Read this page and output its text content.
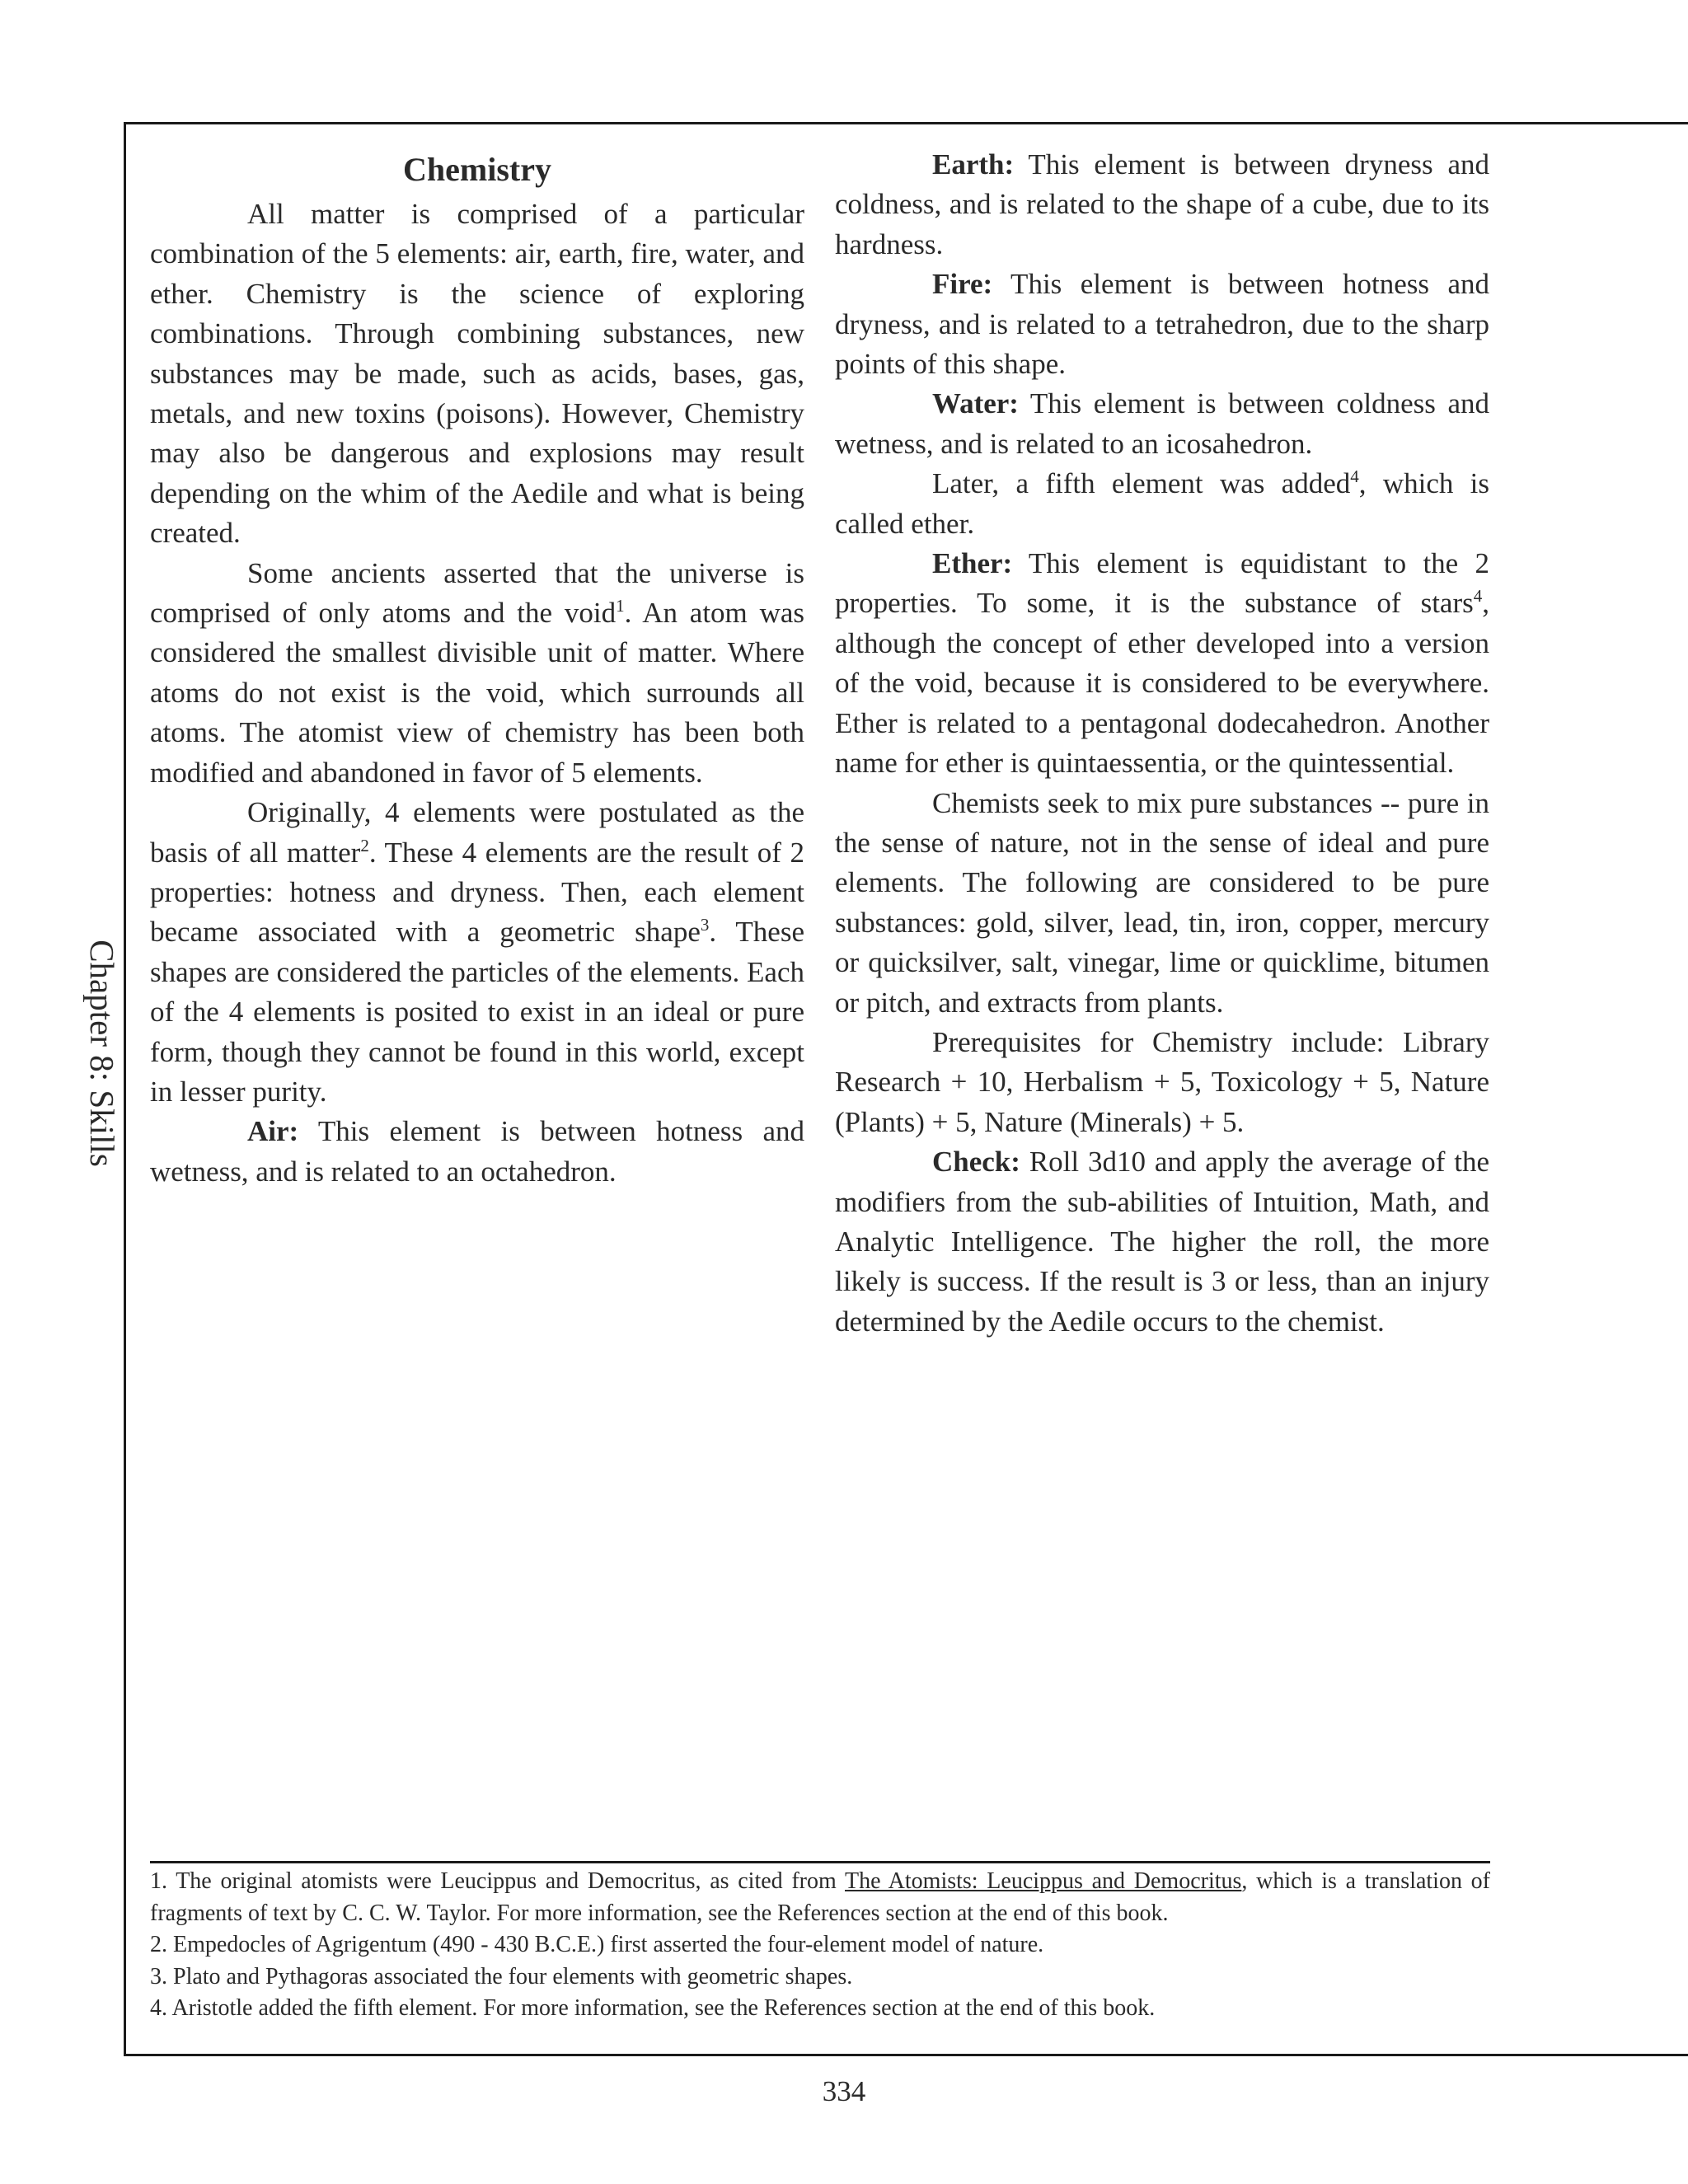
Chapter 8: Skills
Chemistry

All matter is comprised of a particular combination of the 5 elements: air, earth, fire, water, and ether. Chemistry is the science of exploring combinations. Through combining substances, new substances may be made, such as acids, bases, gas, metals, and new toxins (poisons). However, Chemistry may also be dangerous and explosions may result depending on the whim of the Aedile and what is being created.

Some ancients asserted that the universe is comprised of only atoms and the void$^1$. An atom was considered the smallest divisible unit of matter. Where atoms do not exist is the void, which surrounds all atoms. The atomist view of chemistry has been both modified and abandoned in favor of 5 elements.

Originally, 4 elements were postulated as the basis of all matter$^2$. These 4 elements are the result of 2 properties: hotness and dryness. Then, each element became associated with a geometric shape$^3$. These shapes are considered the particles of the elements. Each of the 4 elements is posited to exist in an ideal or pure form, though they cannot be found in this world, except in lesser purity.

Air: This element is between hotness and wetness, and is related to an octahedron.

Earth: This element is between dryness and coldness, and is related to the shape of a cube, due to its hardness.

Fire: This element is between hotness and dryness, and is related to a tetrahedron, due to the sharp points of this shape.

Water: This element is between coldness and wetness, and is related to an icosahedron.

Later, a fifth element was added$^4$, which is called ether.

Ether: This element is equidistant to the 2 properties. To some, it is the substance of stars$^4$, although the concept of ether developed into a version of the void, because it is considered to be everywhere. Ether is related to a pentagonal dodecahedron. Another name for ether is quintaessentia, or the quintessential.

Chemists seek to mix pure substances -- pure in the sense of nature, not in the sense of ideal and pure elements. The following are considered to be pure substances: gold, silver, lead, tin, iron, copper, mercury or quicksilver, salt, vinegar, lime or quicklime, bitumen or pitch, and extracts from plants.

Prerequisites for Chemistry include: Library Research + 10, Herbalism + 5, Toxicology + 5, Nature (Plants) + 5, Nature (Minerals) + 5.

Check: Roll 3d10 and apply the average of the modifiers from the sub-abilities of Intuition, Math, and Analytic Intelligence. The higher the roll, the more likely is success. If the result is 3 or less, than an injury determined by the Aedile occurs to the chemist.

1. The original atomists were Leucippus and Democritus, as cited from The Atomists: Leucippus and Democritus, which is a translation of fragments of text by C. C. W. Taylor. For more information, see the References section at the end of this book.

2. Empedocles of Agrigentum (490 - 430 B.C.E.) first asserted the four-element model of nature.

3. Plato and Pythagoras associated the four elements with geometric shapes.

4. Aristotle added the fifth element. For more information, see the References section at the end of this book.

334
